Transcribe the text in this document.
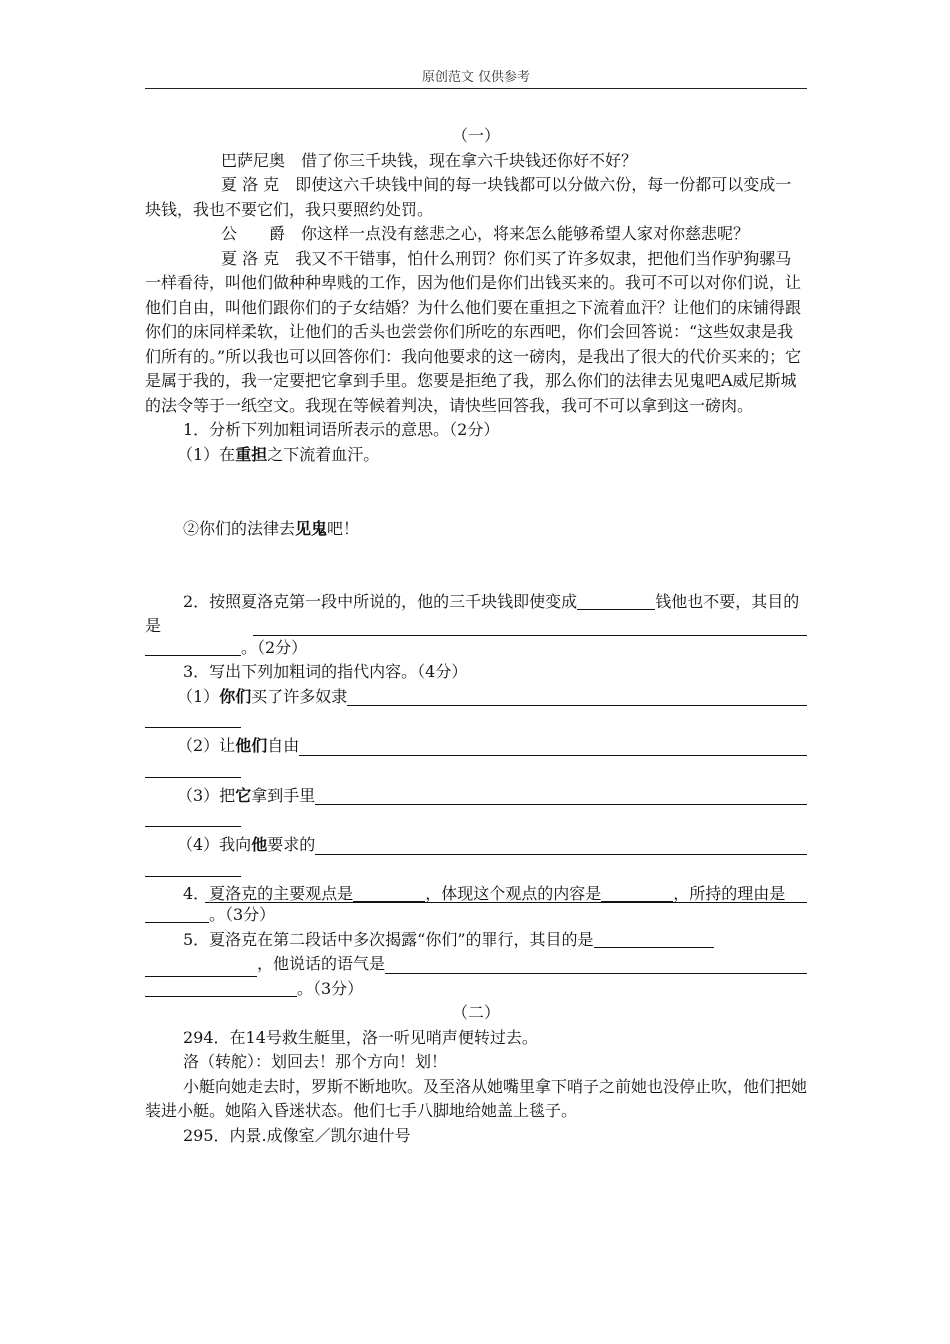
原创范文 仅供参考

（一）

巴萨尼奥  借了你三千块钱，现在拿六千块钱还你好不好？

夏 洛 克  即使这六千块钱中间的每一块钱都可以分做六份，每一份都可以变成一块钱，我也不要它们，我只要照约处罚。

公　　爵  你这样一点没有慈悲之心，将来怎么能够希望人家对你慈悲呢？

夏 洛 克  我又不干错事，怕什么刑罚？你们买了许多奴隶，把他们当作驴狗骡马一样看待，叫他们做种种卑贱的工作，因为他们是你们出钱买来的。我可不可以对你们说，让他们自由，叫他们跟你们的子女结婚？为什么他们要在重担之下流着血汗？让他们的床铺得跟你们的床同样柔软，让他们的舌头也尝尝你们所吃的东西吧，你们会回答说：“这些奴隶是我们所有的。”所以我也可以回答你们：我向他要求的这一磅肉，是我出了很大的代价买来的；它是属于我的，我一定要把它拿到手里。您要是拒绝了我，那么你们的法律去见鬼吧A威尼斯城的法令等于一纸空文。我现在等候着判决，请快些回答我，我可不可以拿到这一磅肉。

1．分析下列加粗词语所表示的意思。（2分）

（1）在重担之下流着血汗。

②你们的法律去见鬼吧！

2．按照夏洛克第一段中所说的，他的三千块钱即使变成	钱他也不要，其目的是

。（2分）

3．写出下列加粗词的指代内容。（4分）

（1） 你们 买了许多奴隶
（2）让 他们 自由
（3）把 它 拿到手里
（4）我向 他 要求的

4．夏洛克的主要观点是	，体现这个观点的内容是	，所持的理由是

。（3分）

5．夏洛克在第二段话中多次揭露“你们”的罪行，其目的是

，他说话的语气是

。（3分）

（二）

294．在14号救生艇里，洛一听见哨声便转过去。

洛（转舵）：划回去！那个方向！划！

小艇向她走去时，罗斯不断地吹。及至洛从她嘴里拿下哨子之前她也没停止吹，他们把她装进小艇。她陷入昏迷状态。他们七手八脚地给她盖上毯子。

295．内景.成像室／凯尔迪什号
